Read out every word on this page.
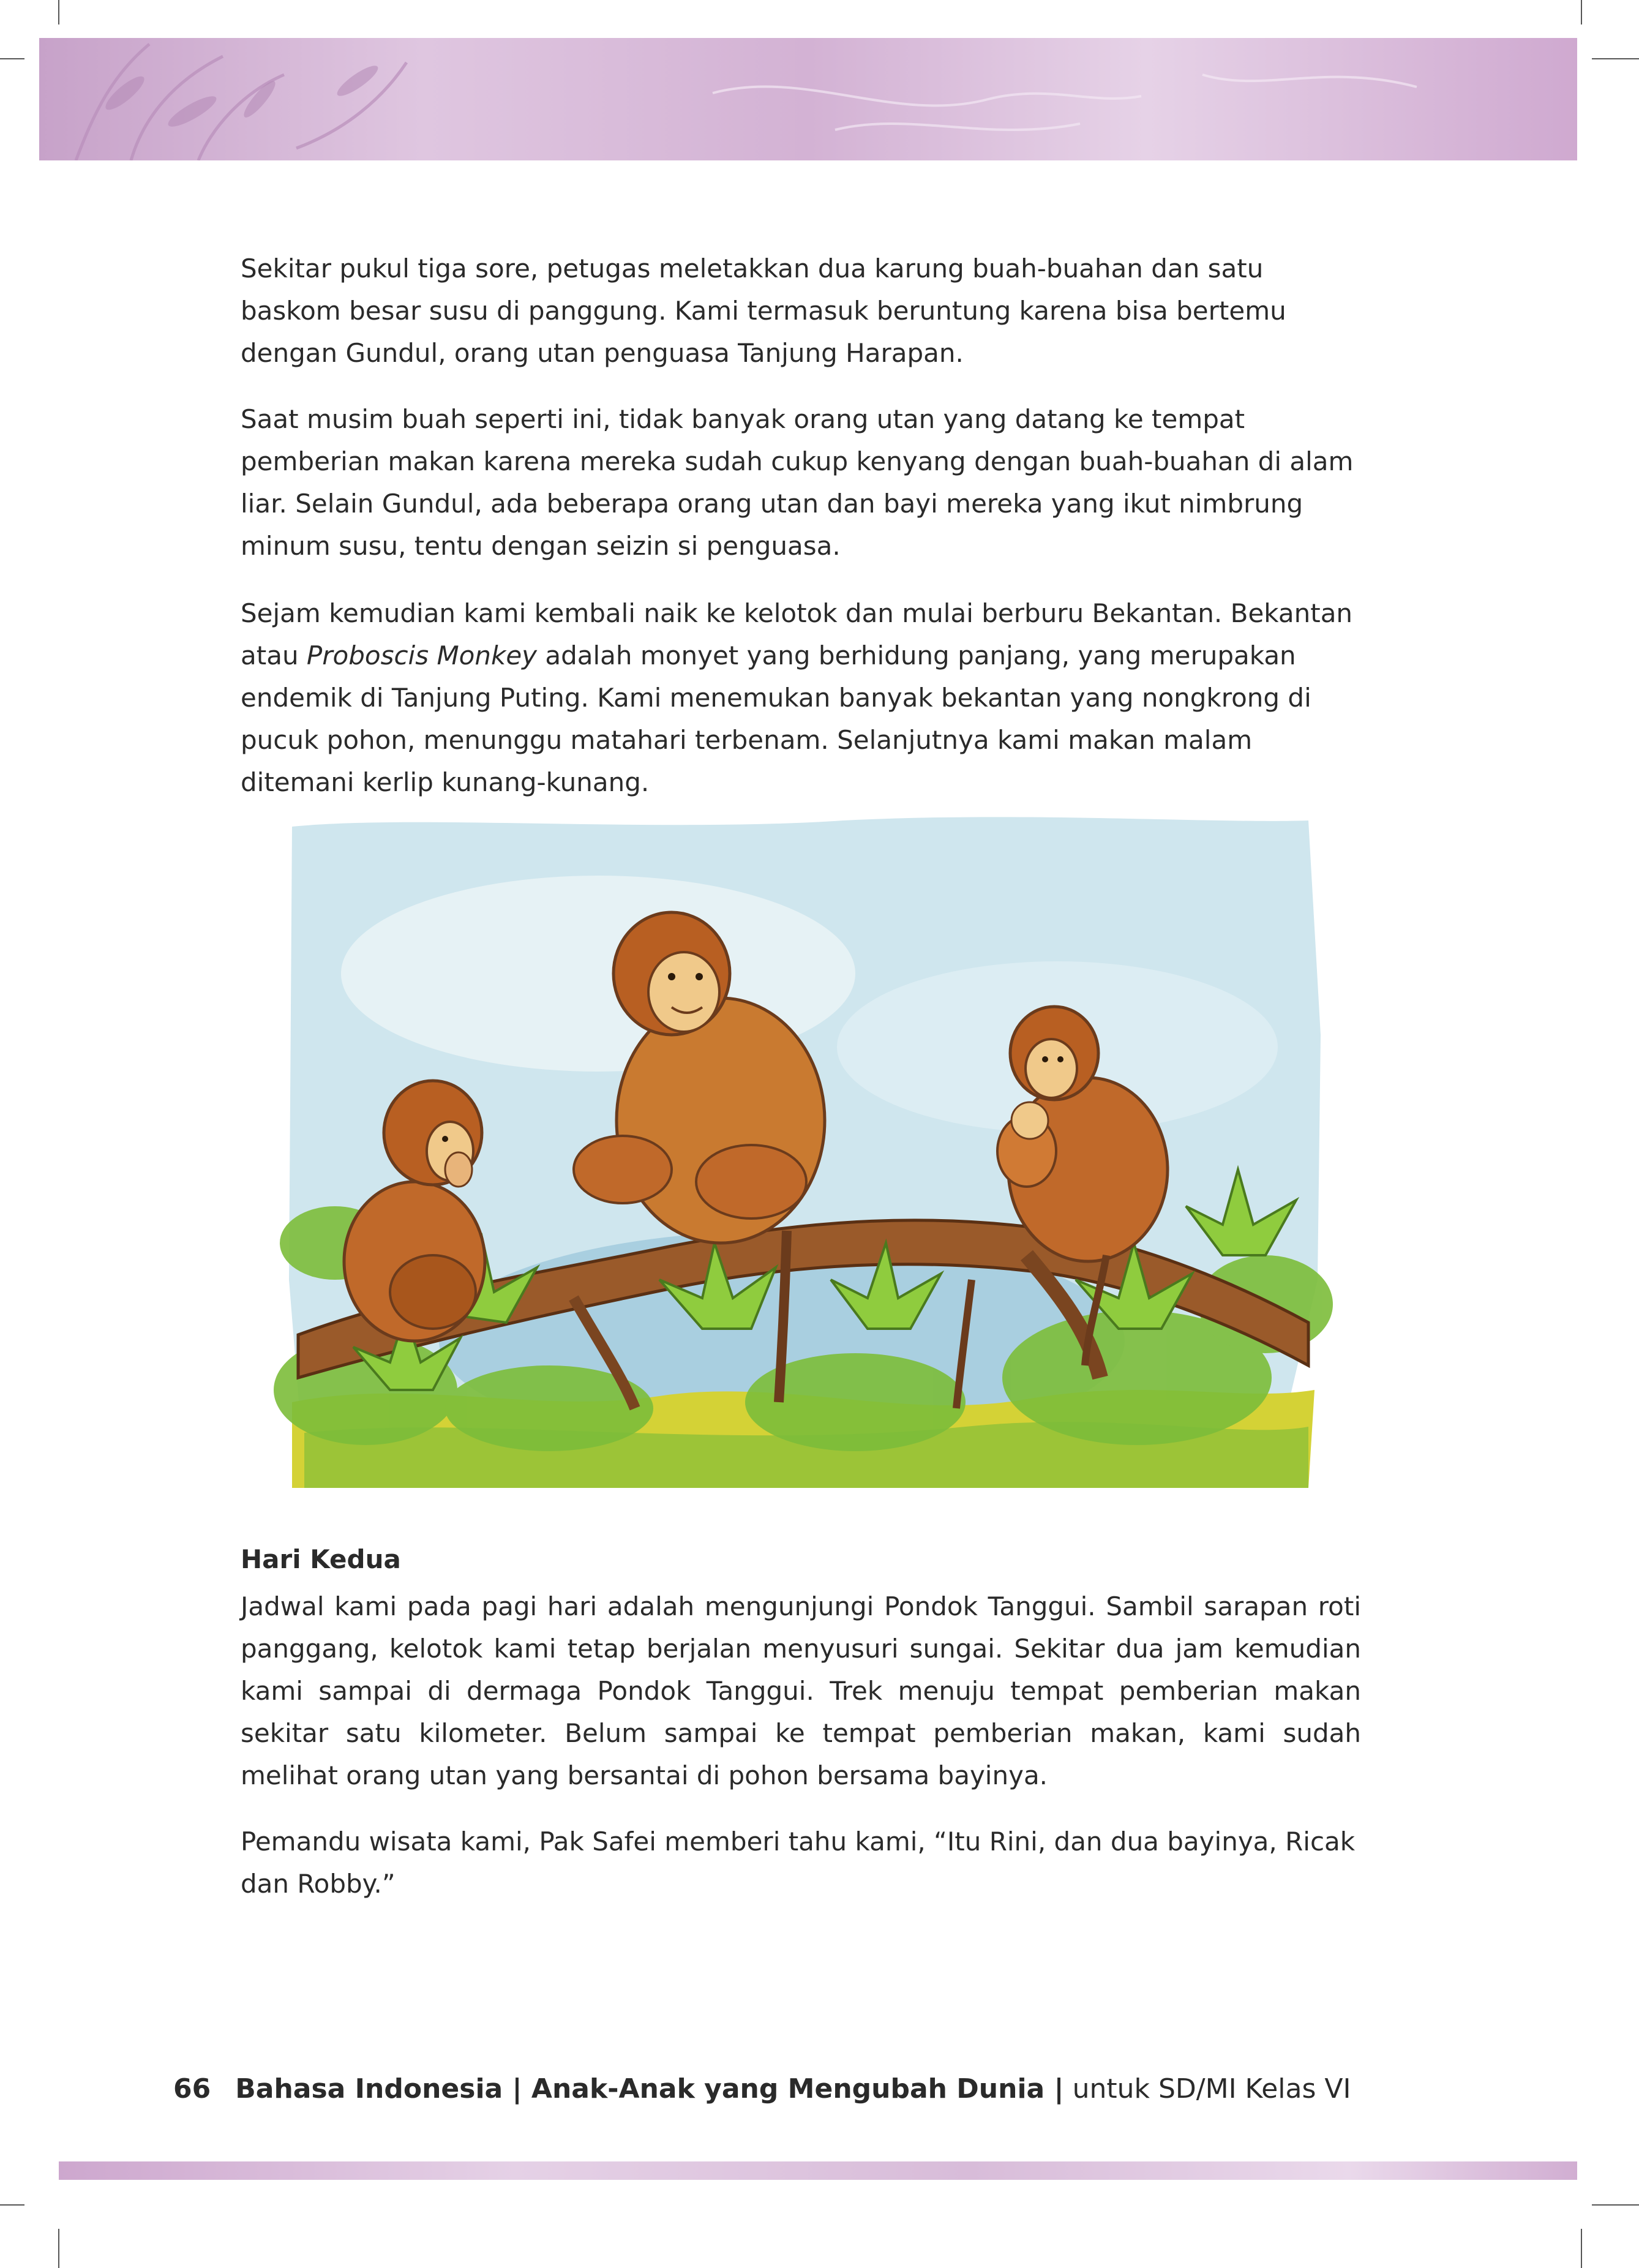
Sekitar pukul tiga sore, petugas meletakkan dua karung buah-buahan dan satu baskom besar susu di panggung. Kami termasuk beruntung karena bisa bertemu dengan Gundul, orang utan penguasa Tanjung Harapan.

Saat musim buah seperti ini, tidak banyak orang utan yang datang ke tempat pemberian makan karena mereka sudah cukup kenyang dengan buah-buahan di alam liar. Selain Gundul, ada beberapa orang utan dan bayi mereka yang ikut nimbrung minum susu, tentu dengan seizin si penguasa.

Sejam kemudian kami kembali naik ke kelotok dan mulai berburu Bekantan. Bekantan atau Proboscis Monkey adalah monyet yang berhidung panjang, yang merupakan endemik di Tanjung Puting. Kami menemukan banyak bekantan yang nongkrong di pucuk pohon, menunggu matahari terbenam. Selanjutnya kami makan malam ditemani kerlip kunang-kunang.

Hari Kedua

Jadwal kami pada pagi hari adalah mengunjungi Pondok Tanggui. Sambil sarapan roti panggang, kelotok kami tetap berjalan menyusuri sungai. Sekitar dua jam kemudian kami sampai di dermaga Pondok Tanggui. Trek menuju tempat pemberian makan sekitar satu kilometer. Belum sampai ke tempat pemberian makan, kami sudah melihat orang utan yang bersantai di pohon bersama bayinya.

Pemandu wisata kami, Pak Safei memberi tahu kami, “Itu Rini, dan dua bayinya, Ricak dan Robby.”

66 Bahasa Indonesia | Anak-Anak yang Mengubah Dunia | untuk SD/MI Kelas VI
